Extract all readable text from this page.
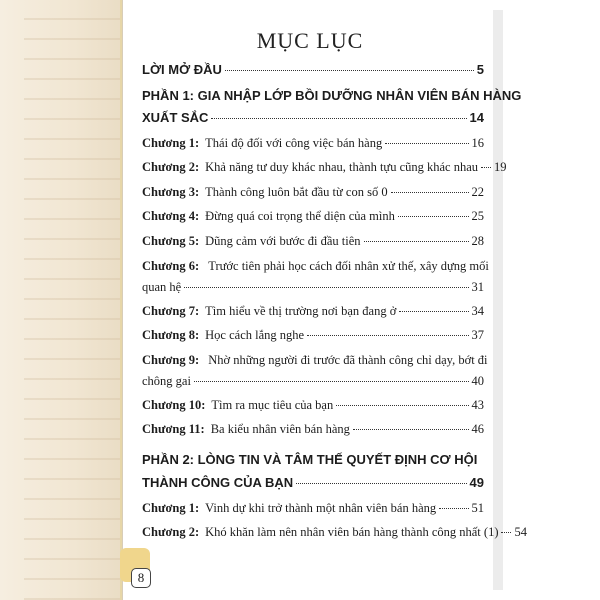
8
MỤC LỤC
LỜI MỞ ĐẦU	5
PHẦN 1: GIA NHẬP LỚP BỒI DƯỠNG NHÂN VIÊN BÁN HÀNG
XUẤT SẮC	14
Chương 1: Thái độ đối với công việc bán hàng	16
Chương 2: Khả năng tư duy khác nhau, thành tựu cũng khác nhau 19
Chương 3: Thành công luôn bắt đầu từ con số 0	22
Chương 4: Đừng quá coi trọng thể diện của mình	25
Chương 5: Dũng cảm với bước đi đầu tiên	28
Chương 6: Trước tiên phải học cách đối nhân xử thế, xây dựng mối
quan hệ	31
Chương 7: Tìm hiểu về thị trường nơi bạn đang ở	34
Chương 8: Học cách lắng nghe	37
Chương 9: Nhờ những người đi trước đã thành công chỉ dạy, bớt đi
chông gai	40
Chương 10: Tìm ra mục tiêu của bạn	43
Chương 11: Ba kiểu nhân viên bán hàng	46
PHẦN 2: LÒNG TIN VÀ TÂM THẾ QUYẾT ĐỊNH CƠ HỘI
THÀNH CÔNG CỦA BẠN	49
Chương 1: Vinh dự khi trở thành một nhân viên bán hàng	51
Chương 2: Khó khăn làm nên nhân viên bán hàng thành công nhất (1) 54
